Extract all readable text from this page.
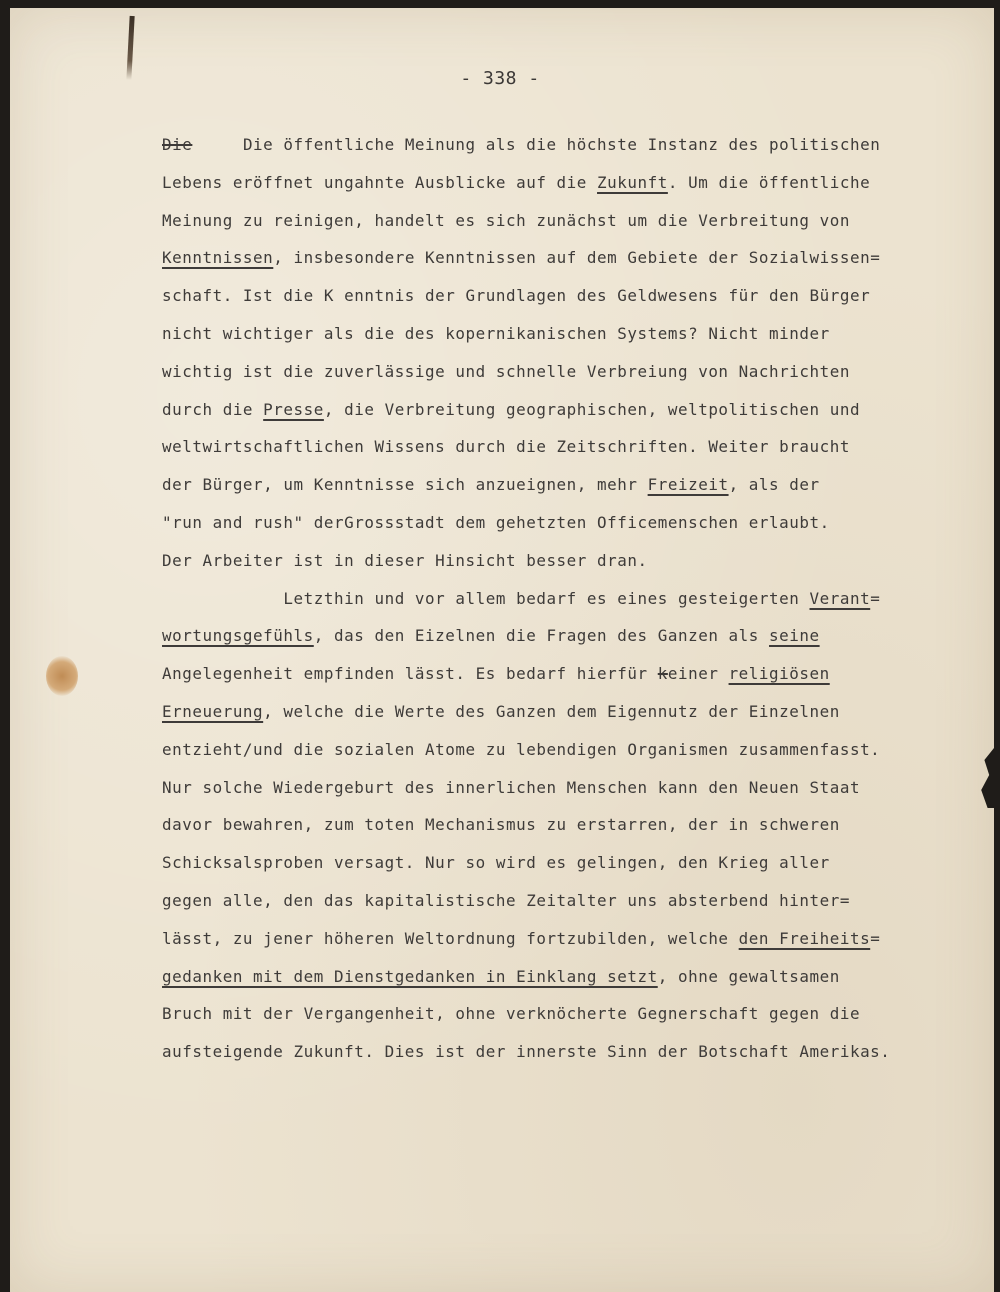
- 338 -
Die     Die öffentliche Meinung als die höchste Instanz des politischen
Lebens eröffnet ungahnte Ausblicke auf die Zukunft. Um die öffentliche
Meinung zu reinigen, handelt es sich zunächst um die Verbreitung von
Kenntnissen, insbesondere Kenntnissen auf dem Gebiete der Sozialwissen=
schaft. Ist die K enntnis der Grundlagen des Geldwesens für den Bürger
nicht wichtiger als die des kopernikanischen Systems? Nicht minder
wichtig ist die zuverlässige und schnelle Verbreiung von Nachrichten
durch die Presse, die Verbreitung geographischen, weltpolitischen und
weltwirtschaftlichen Wissens durch die Zeitschriften. Weiter braucht
der Bürger, um Kenntnisse sich anzueignen, mehr Freizeit, als der
"run and rush" derGrossstadt dem gehetzten Officemenschen erlaubt.
Der Arbeiter ist in dieser Hinsicht besser dran.
Letzthin und vor allem bedarf es eines gesteigerten Verant=
wortungsgefühls, das den Eizelnen die Fragen des Ganzen als seine
Angelegenheit empfinden lässt. Es bedarf hierfür keiner religiösen
Erneuerung, welche die Werte des Ganzen dem Eigennutz der Einzelnen
entzieht/und die sozialen Atome zu lebendigen Organismen zusammenfasst.
Nur solche Wiedergeburt des innerlichen Menschen kann den Neuen Staat
davor bewahren, zum toten Mechanismus zu erstarren, der in schweren
Schicksalsproben versagt. Nur so wird es gelingen, den Krieg aller
gegen alle, den das kapitalistische Zeitalter uns absterbend hinter=
lässt, zu jener höheren Weltordnung fortzubilden, welche den Freiheits=
gedanken mit dem Dienstgedanken in Einklang setzt, ohne gewaltsamen
Bruch mit der Vergangenheit, ohne verknöcherte Gegnerschaft gegen die
aufsteigende Zukunft. Dies ist der innerste Sinn der Botschaft Amerikas.
